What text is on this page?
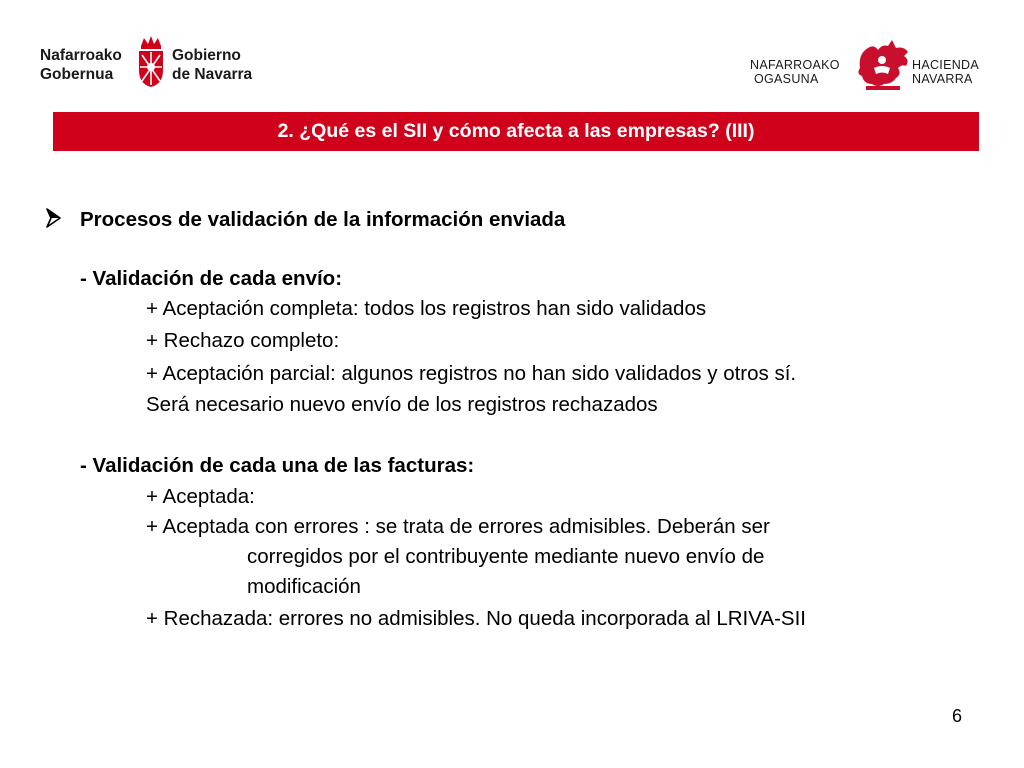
Nafarroako
Gobernua
Gobierno
de Navarra
NAFARROAKO
OGASUNA
HACIENDA
NAVARRA
2. ¿Qué es el SII y cómo afecta a las empresas? (III)
Procesos de validación de la información enviada
- Validación de cada envío:
+ Aceptación completa: todos los registros han sido validados
+ Rechazo completo:
+ Aceptación parcial: algunos registros no han sido validados y otros sí.
Será necesario nuevo envío de los registros rechazados
- Validación de cada una de las facturas:
+ Aceptada:
+ Aceptada con errores : se trata de errores admisibles. Deberán ser
corregidos por el contribuyente mediante nuevo envío de
modificación
+ Rechazada: errores no admisibles. No queda incorporada al LRIVA-SII
6
